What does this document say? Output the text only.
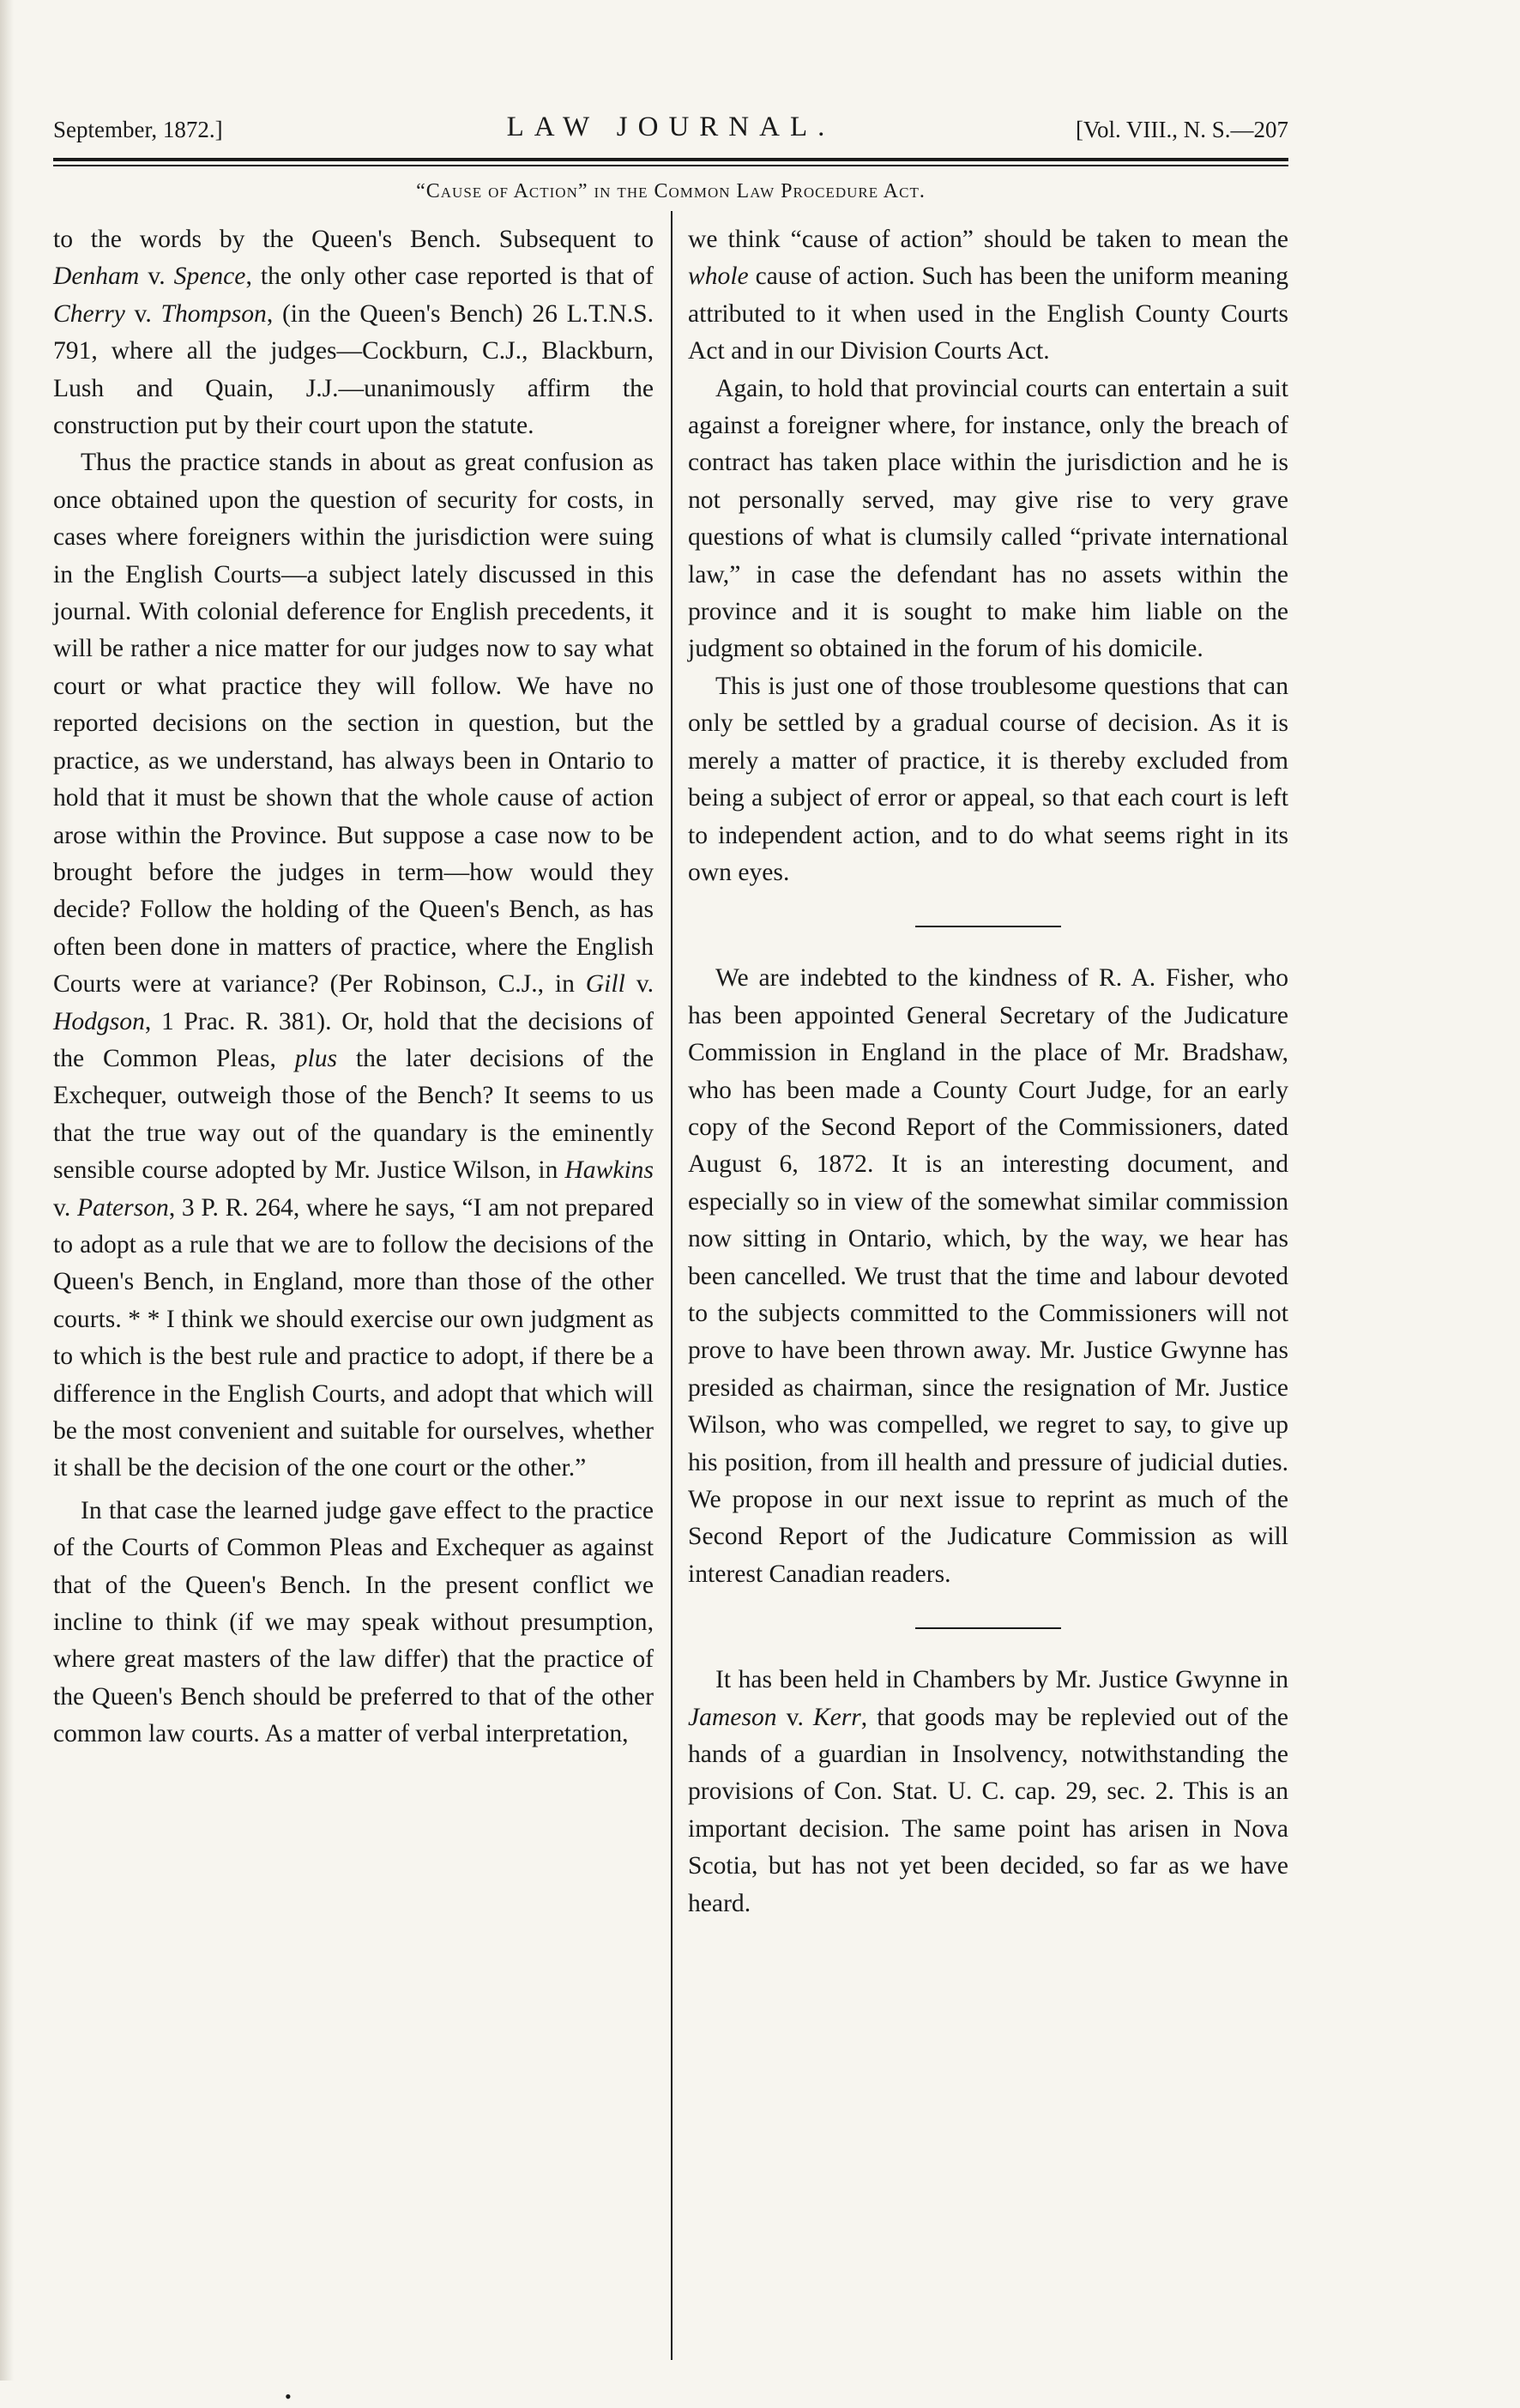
September, 1872.]	LAW JOURNAL.	[Vol. VIII., N. S.—207
“Cause of Action” in the Common Law Procedure Act.

to the words by the Queen's Bench. Subsequent to Denham v. Spence, the only other case reported is that of Cherry v. Thompson, (in the Queen's Bench) 26 L.T.N.S. 791, where all the judges—Cockburn, C.J., Blackburn, Lush and Quain, J.J.—unanimously affirm the construction put by their court upon the statute.

Thus the practice stands in about as great confusion as once obtained upon the question of security for costs, in cases where foreigners within the jurisdiction were suing in the English Courts—a subject lately discussed in this journal. With colonial deference for English precedents, it will be rather a nice matter for our judges now to say what court or what practice they will follow. We have no reported decisions on the section in question, but the practice, as we understand, has always been in Ontario to hold that it must be shown that the whole cause of action arose within the Province. But suppose a case now to be brought before the judges in term—how would they decide? Follow the holding of the Queen's Bench, as has often been done in matters of practice, where the English Courts were at variance? (Per Robinson, C.J., in Gill v. Hodgson, 1 Prac. R. 381). Or, hold that the decisions of the Common Pleas, plus the later decisions of the Exchequer, outweigh those of the Bench? It seems to us that the true way out of the quandary is the eminently sensible course adopted by Mr. Justice Wilson, in Hawkins v. Paterson, 3 P. R. 264, where he says, “I am not prepared to adopt as a rule that we are to follow the decisions of the Queen's Bench, in England, more than those of the other courts. * * I think we should exercise our own judgment as to which is the best rule and practice to adopt, if there be a difference in the English Courts, and adopt that which will be the most convenient and suitable for ourselves, whether it shall be the decision of the one court or the other.”

In that case the learned judge gave effect to the practice of the Courts of Common Pleas and Exchequer as against that of the Queen's Bench. In the present conflict we incline to think (if we may speak without presumption, where great masters of the law differ) that the practice of the Queen's Bench should be preferred to that of the other common law courts. As a matter of verbal interpretation,

we think “cause of action” should be taken to mean the whole cause of action. Such has been the uniform meaning attributed to it when used in the English County Courts Act and in our Division Courts Act.

Again, to hold that provincial courts can entertain a suit against a foreigner where, for instance, only the breach of contract has taken place within the jurisdiction and he is not personally served, may give rise to very grave questions of what is clumsily called “private international law,” in case the defendant has no assets within the province and it is sought to make him liable on the judgment so obtained in the forum of his domicile.

This is just one of those troublesome questions that can only be settled by a gradual course of decision. As it is merely a matter of practice, it is thereby excluded from being a subject of error or appeal, so that each court is left to independent action, and to do what seems right in its own eyes.

We are indebted to the kindness of R. A. Fisher, who has been appointed General Secretary of the Judicature Commission in England in the place of Mr. Bradshaw, who has been made a County Court Judge, for an early copy of the Second Report of the Commissioners, dated August 6, 1872. It is an interesting document, and especially so in view of the somewhat similar commission now sitting in Ontario, which, by the way, we hear has been cancelled. We trust that the time and labour devoted to the subjects committed to the Commissioners will not prove to have been thrown away. Mr. Justice Gwynne has presided as chairman, since the resignation of Mr. Justice Wilson, who was compelled, we regret to say, to give up his position, from ill health and pressure of judicial duties. We propose in our next issue to reprint as much of the Second Report of the Judicature Commission as will interest Canadian readers.

It has been held in Chambers by Mr. Justice Gwynne in Jameson v. Kerr, that goods may be replevied out of the hands of a guardian in Insolvency, notwithstanding the provisions of Con. Stat. U. C. cap. 29, sec. 2. This is an important decision. The same point has arisen in Nova Scotia, but has not yet been decided, so far as we have heard.

•
